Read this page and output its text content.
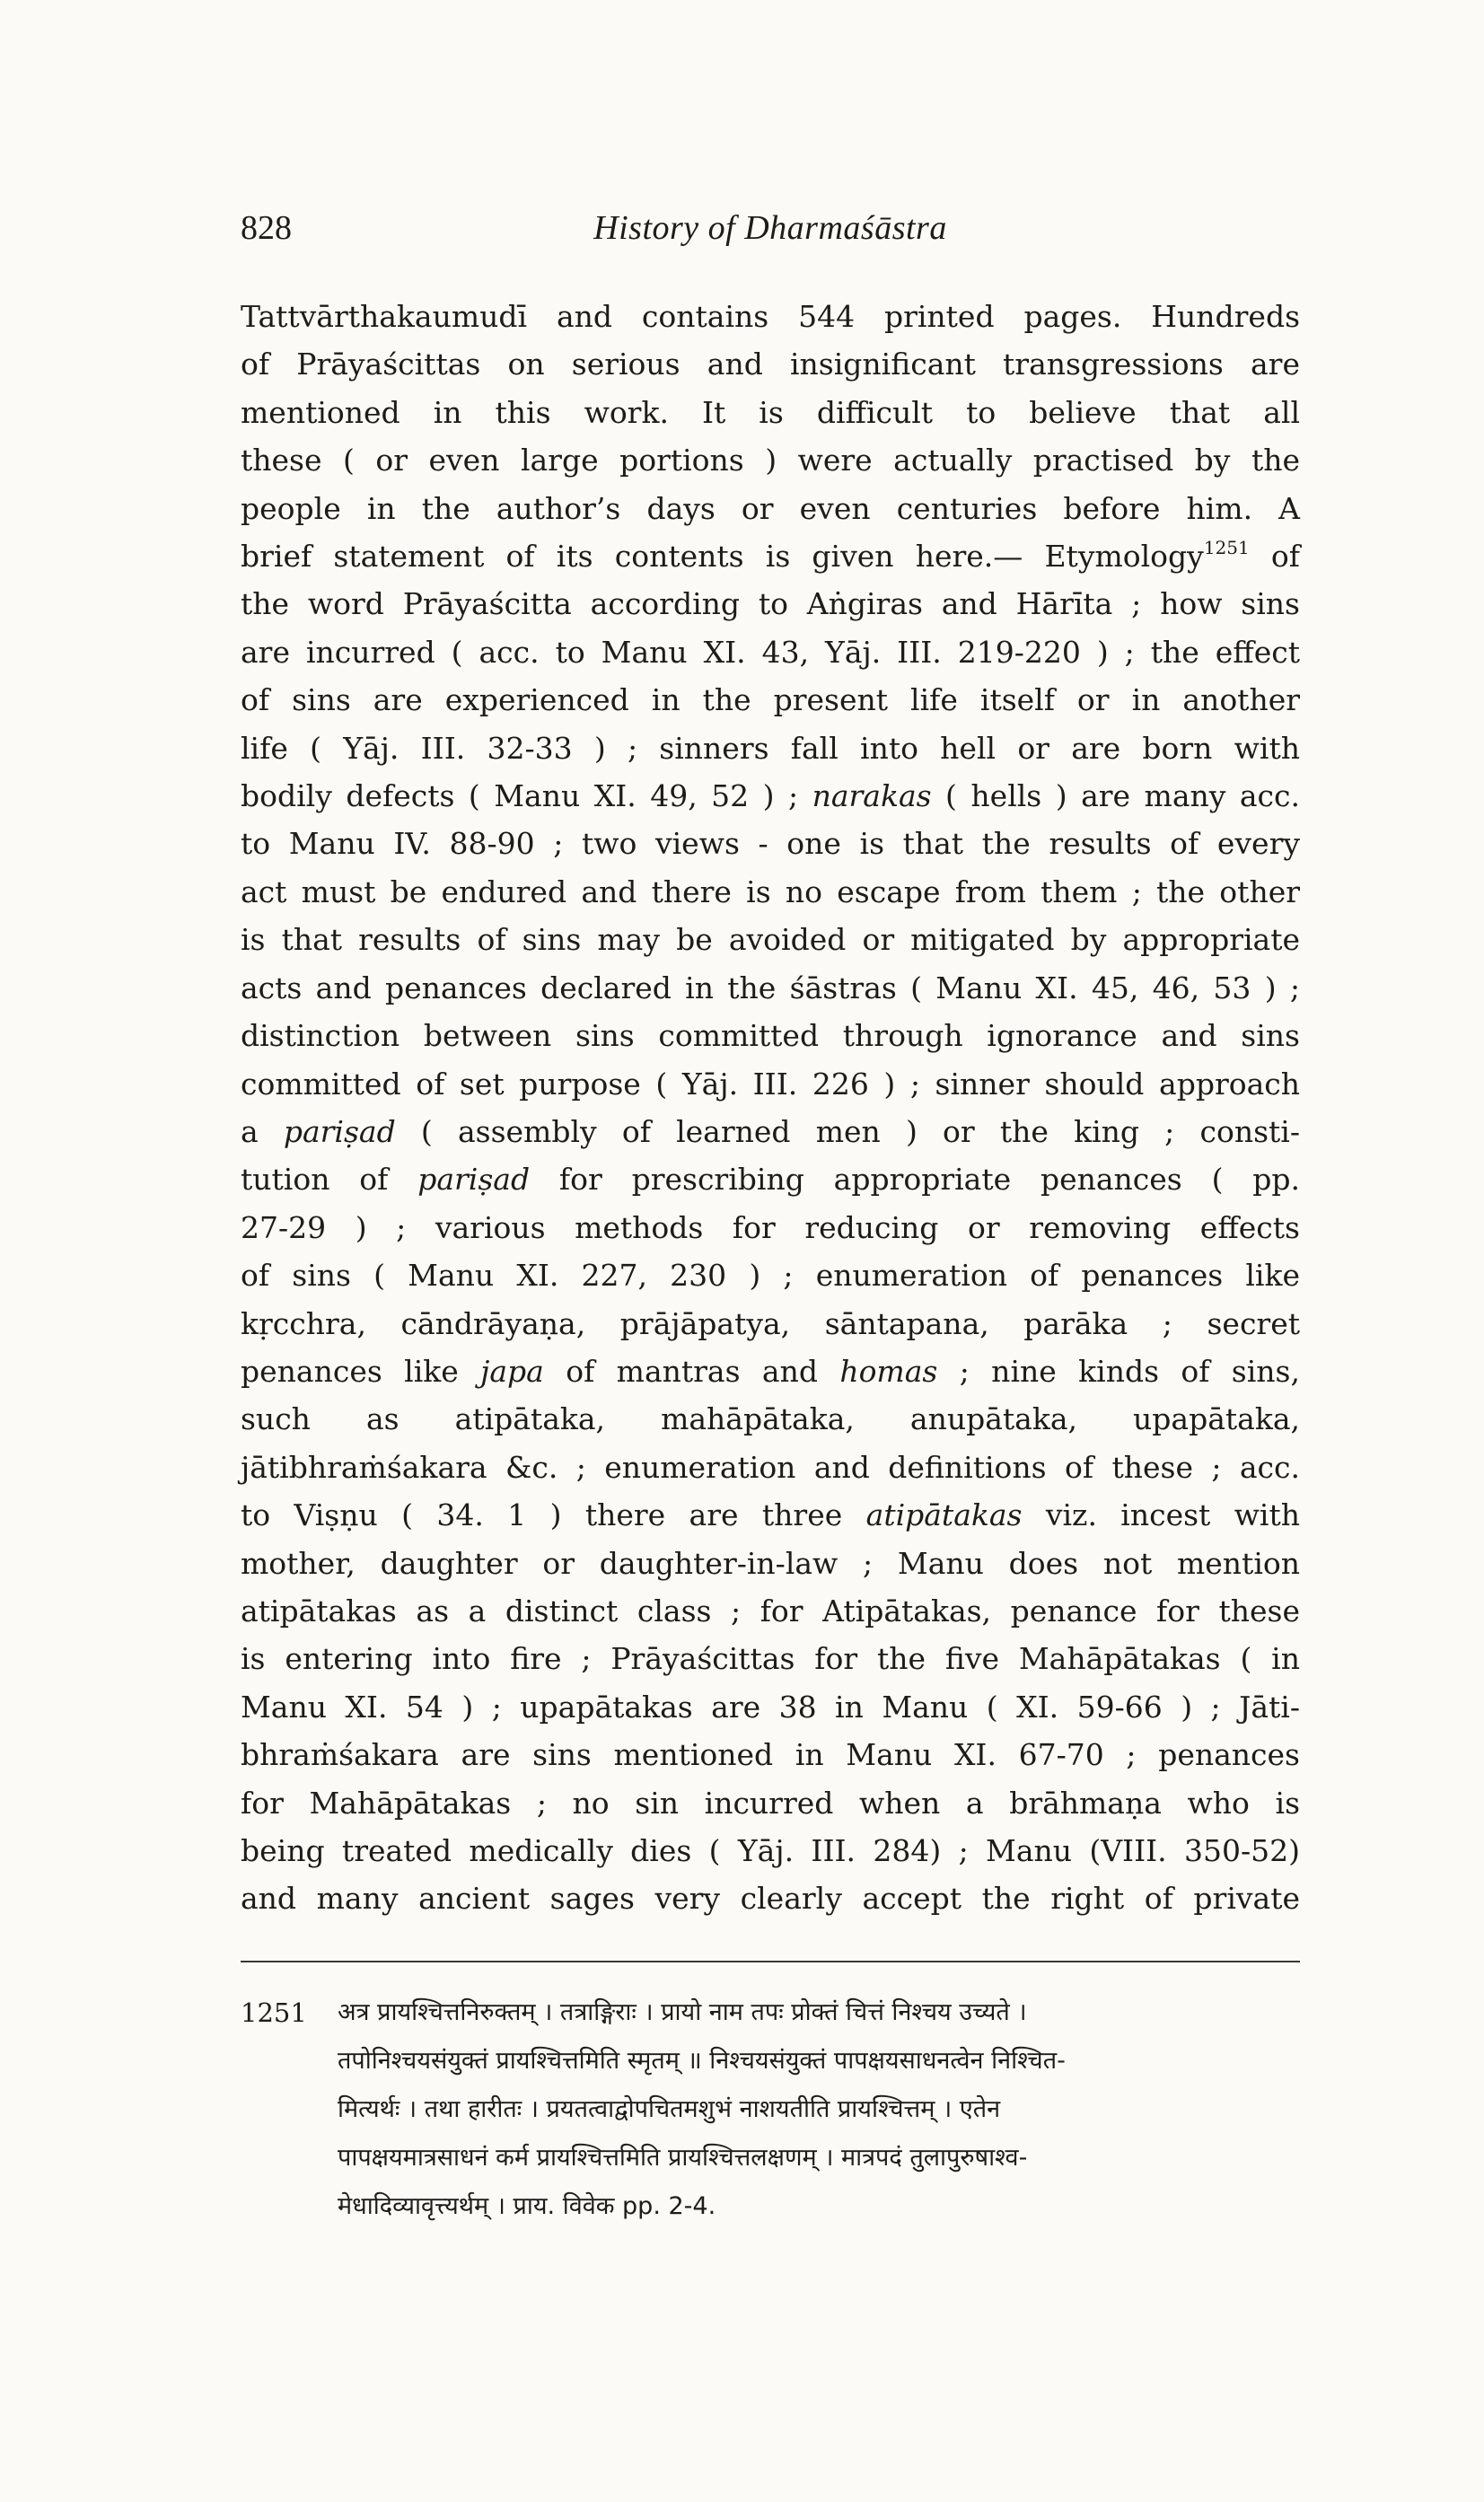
828	History of Dharmaśāstra
Tattvārthakaumudī and contains 544 printed pages. Hundreds
of Prāyaścittas on serious and insignificant transgressions are
mentioned in this work. It is difficult to believe that all
these ( or even large portions ) were actually practised by the
people in the author’s days or even centuries before him. A
brief statement of its contents is given here.— Etymology$^{1251}$ of
the word Prāyaścitta according to Aṅgiras and Hārīta ; how sins
are incurred ( acc. to Manu XI. 43, Yāj. III. 219-220 ) ; the effect
of sins are experienced in the present life itself or in another
life ( Yāj. III. 32-33 ) ; sinners fall into hell or are born with
bodily defects ( Manu XI. 49, 52 ) ; narakas ( hells ) are many acc.
to Manu IV. 88-90 ; two views - one is that the results of every
act must be endured and there is no escape from them ; the other
is that results of sins may be avoided or mitigated by appropriate
acts and penances declared in the śāstras ( Manu XI. 45, 46, 53 ) ;
distinction between sins committed through ignorance and sins
committed of set purpose ( Yāj. III. 226 ) ; sinner should approach
a pariṣad ( assembly of learned men ) or the king ; consti-
tution of pariṣad for prescribing appropriate penances ( pp.
27-29 ) ; various methods for reducing or removing effects
of sins ( Manu XI. 227, 230 ) ; enumeration of penances like
kṛcchra, cāndrāyaṇa, prājāpatya, sāntapana, parāka ; secret
penances like japa of mantras and homas ; nine kinds of sins,
such as atipātaka, mahāpātaka, anupātaka, upapātaka,
jātibhraṁśakara &c. ; enumeration and definitions of these ; acc.
to Viṣṇu ( 34. 1 ) there are three atipātakas viz. incest with
mother, daughter or daughter-in-law ; Manu does not mention
atipātakas as a distinct class ; for Atipātakas, penance for these
is entering into fire ; Prāyaścittas for the five Mahāpātakas ( in
Manu XI. 54 ) ; upapātakas are 38 in Manu ( XI. 59-66 ) ; Jāti-
bhraṁśakara are sins mentioned in Manu XI. 67-70 ; penances
for Mahāpātakas ; no sin incurred when a brāhmaṇa who is
being treated medically dies ( Yāj. III. 284) ; Manu (VIII. 350-52)
and many ancient sages very clearly accept the right of private
1251 अत्र प्रायश्चित्तनिरुक्तम् । तत्राङ्गिराः । प्रायो नाम तपः प्रोक्तं चित्तं निश्चय उच्यते ।
तपोनिश्चयसंयुक्तं प्रायश्चित्तमिति स्मृतम् ॥ निश्चयसंयुक्तं पापक्षयसाधनत्वेन निश्चित-
मित्यर्थः । तथा हारीतः । प्रयतत्वाद्वोपचितमशुभं नाशयतीति प्रायश्चित्तम् । एतेन
पापक्षयमात्रसाधनं कर्म प्रायश्चित्तमिति प्रायश्चित्तलक्षणम् । मात्रपदं तुलापुरुषाश्व-
मेधादिव्यावृत्त्यर्थम् । प्राय. विवेक pp. 2-4.
